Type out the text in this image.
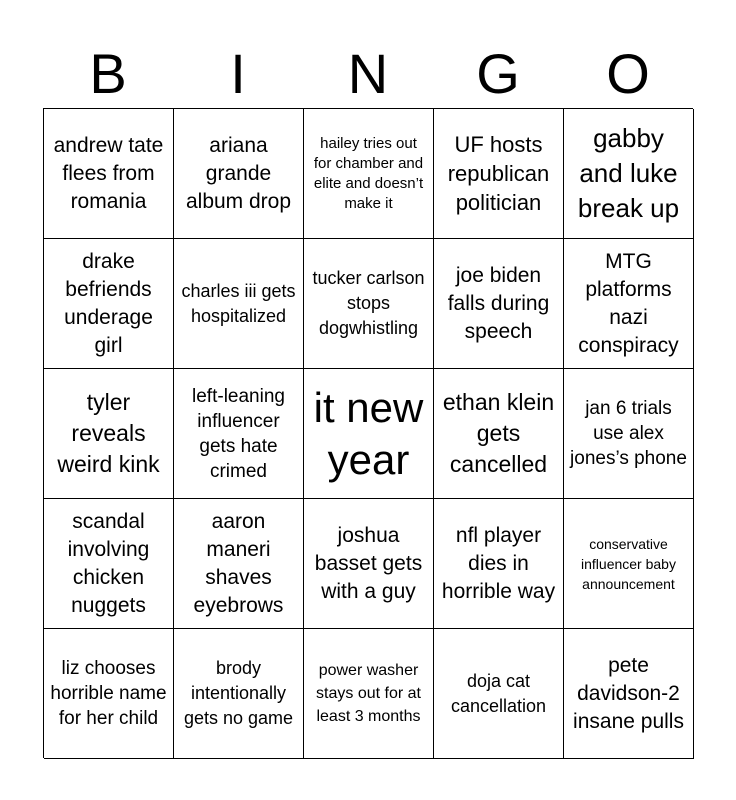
B	I	N	G	O
andrew tate flees from romania
ariana grande album drop
hailey tries out for chamber and elite and doesn’t make it
UF hosts republican politician
gabby and luke break up
drake befriends underage girl
charles iii gets hospitalized
tucker carlson stops dogwhistling
joe biden falls during speech
MTG platforms nazi conspiracy
tyler reveals weird kink
left-leaning influencer gets hate crimed
it new year
ethan klein gets cancelled
jan 6 trials use alex jones’s phone
scandal involving chicken nuggets
aaron maneri shaves eyebrows
joshua basset gets with a guy
nfl player dies in horrible way
conservative influencer baby announcement
liz chooses horrible name for her child
brody intentionally gets no game
power washer stays out for at least 3 months
doja cat cancellation
pete davidson-2 insane pulls
